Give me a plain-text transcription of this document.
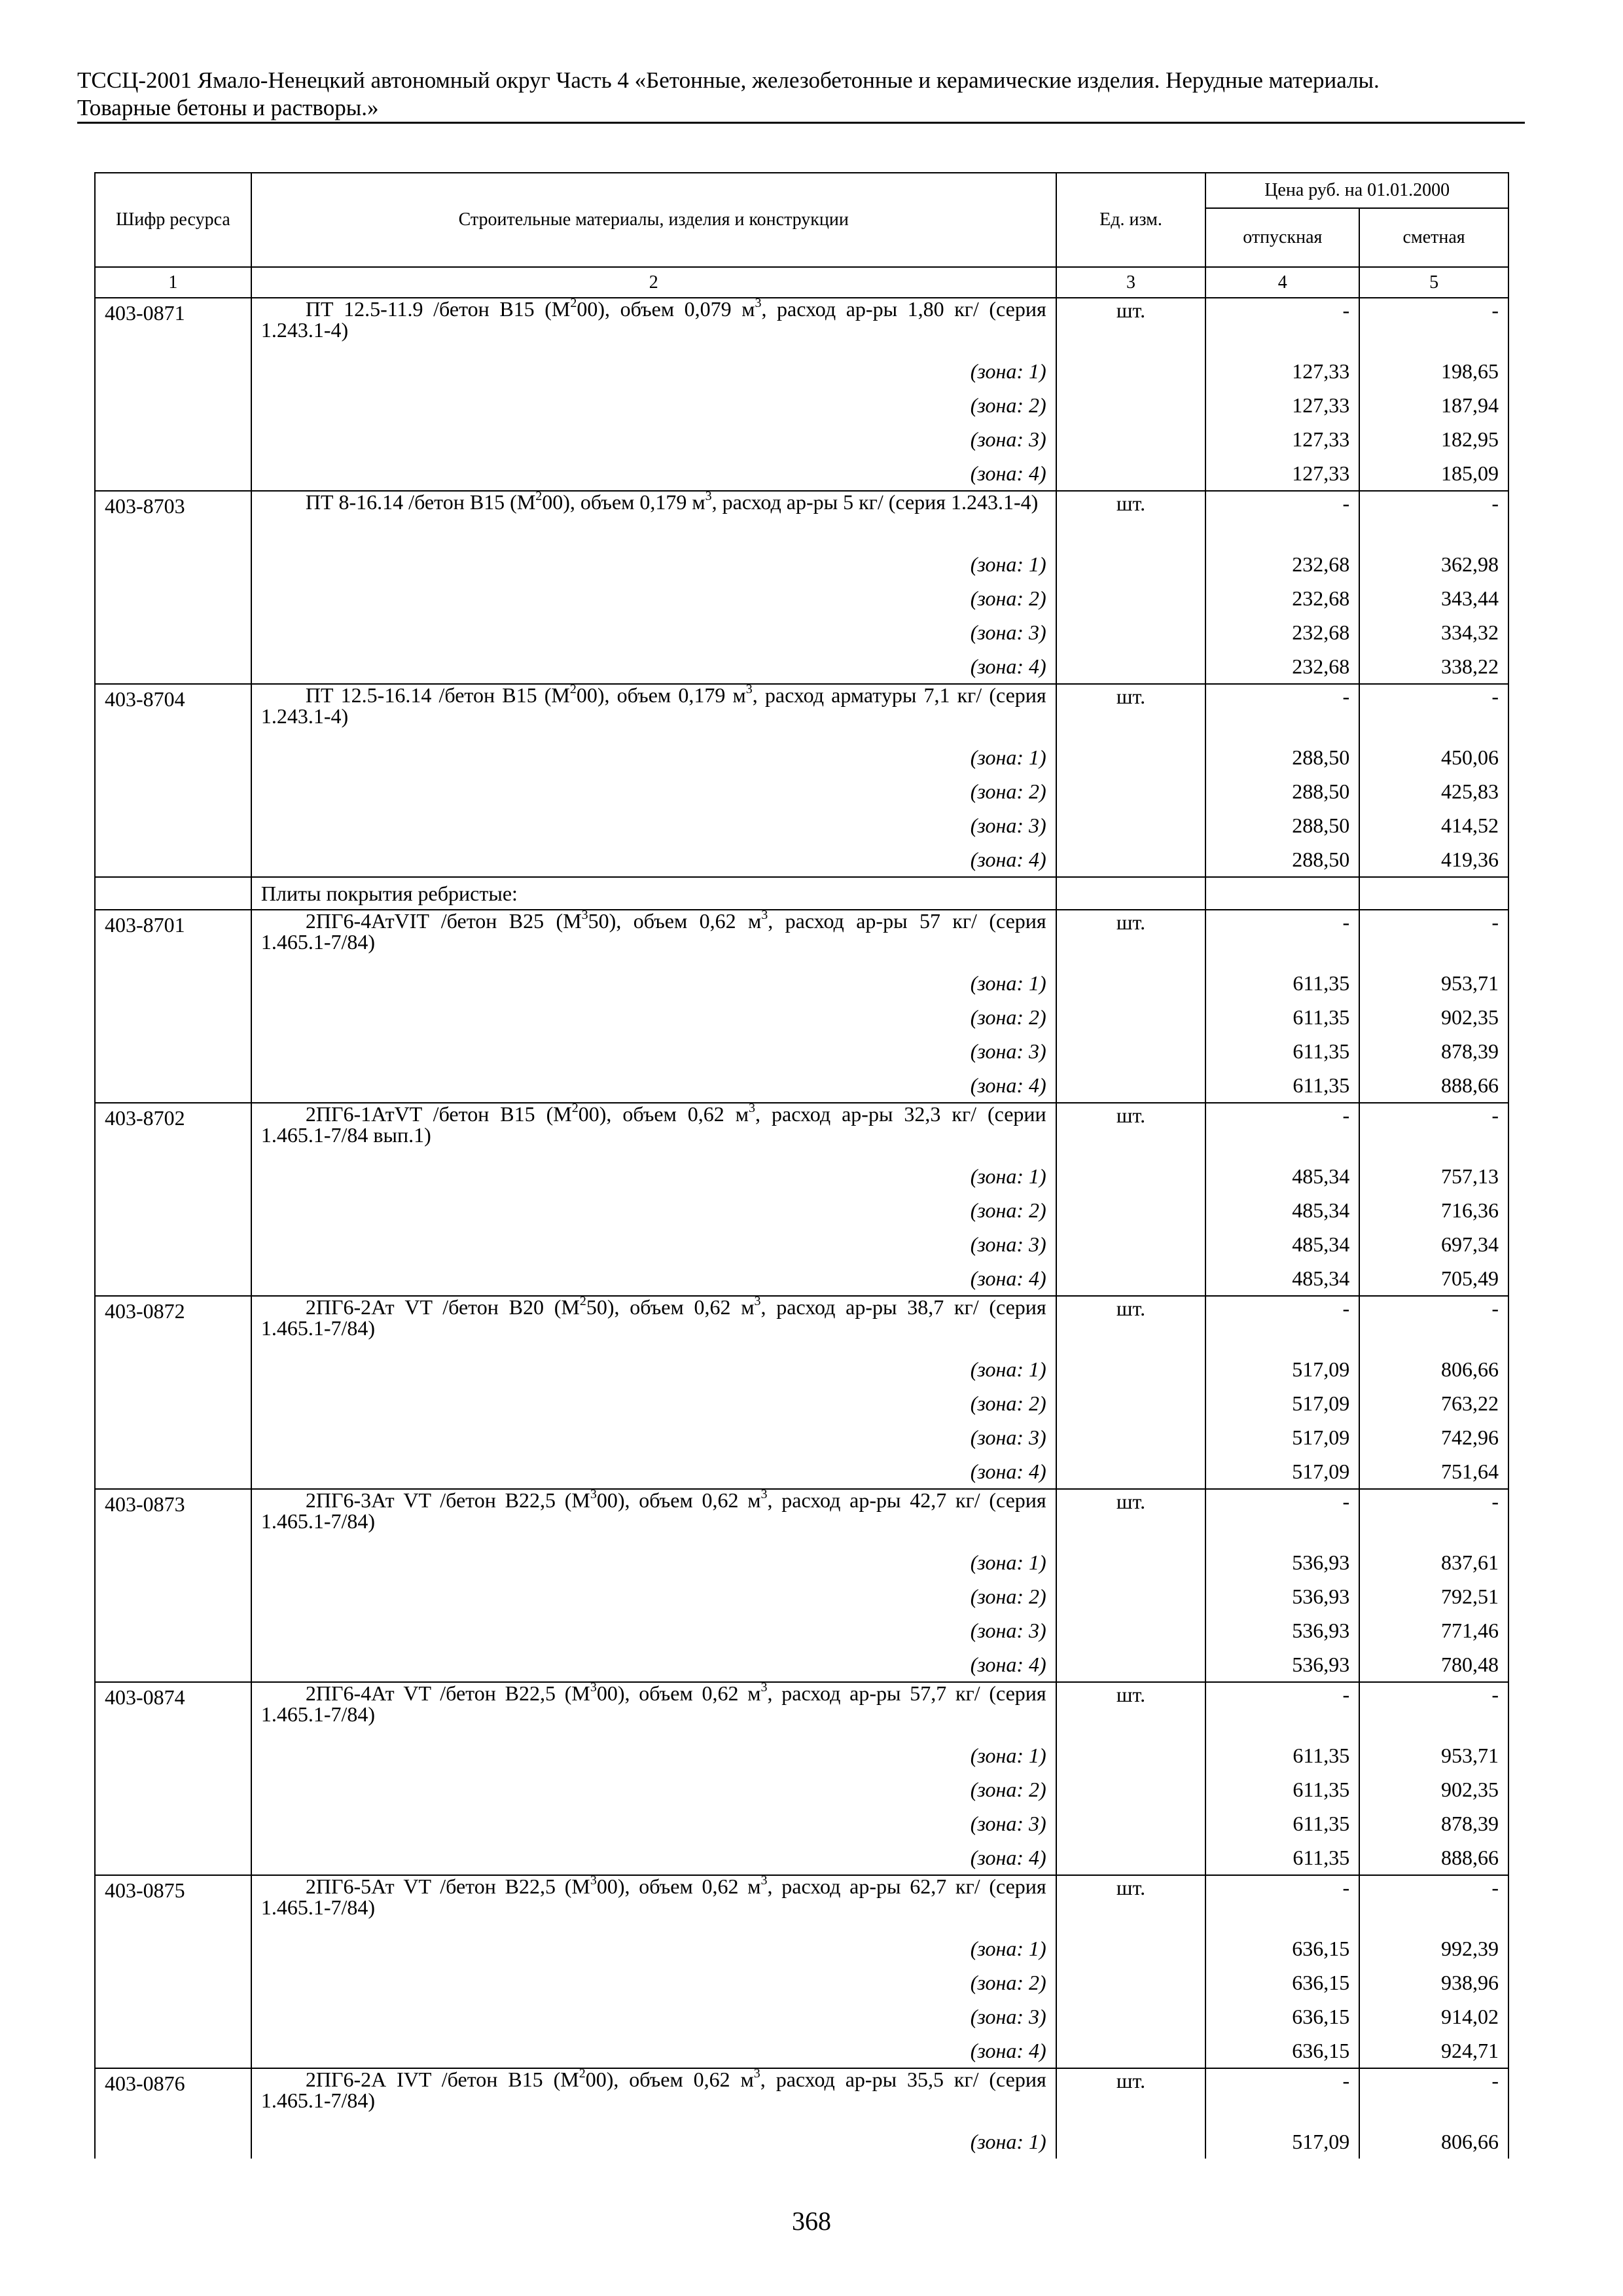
ТССЦ-2001 Ямало-Ненецкий автономный округ Часть 4 «Бетонные, железобетонные и керамические изделия. Нерудные материалы.
Товарные бетоны и растворы.»
Шифр ресурса	Строительные материалы, изделия и конструкции	Ед. изм.	Цена руб. на 01.01.2000	
			отпускная	сметная
1	2	3	4	5
403-0871	ПТ 12.5-11.9 /бетон B15 $(M^200)$, объем 0,079 $м^3$, расход ар-ры 1,80 кг/ (серия 1.243.1-4)	шт.	-	-
	(зона: 1)		127,33	198,65
	(зона: 2)		127,33	187,94
	(зона: 3)		127,33	182,95
	(зона: 4)		127,33	185,09
403-8703	ПТ 8-16.14 /бетон B15 $(M^200)$, объем 0,179 $м^3$, расход ар-ры 5 кг/ (серия 1.243.1-4)	шт.	-	-
	(зона: 1)		232,68	362,98
	(зона: 2)		232,68	343,44
	(зона: 3)		232,68	334,32
	(зона: 4)		232,68	338,22
403-8704	ПТ 12.5-16.14 /бетон B15 $(M^200)$, объем 0,179 $м^3$, расход арматуры 7,1 кг/ (серия 1.243.1-4)	шт.	-	-
	(зона: 1)		288,50	450,06
	(зона: 2)		288,50	425,83
	(зона: 3)		288,50	414,52
	(зона: 4)		288,50	419,36
	Плиты покрытия ребристые:			
403-8701	2ПГ6-4АтVIT /бетон B25 $(M^350)$, объем 0,62 $м^3$, расход ар-ры 57 кг/ (серия 1.465.1-7/84)	шт.	-	-
	(зона: 1)		611,35	953,71
	(зона: 2)		611,35	902,35
	(зона: 3)		611,35	878,39
	(зона: 4)		611,35	888,66
403-8702	2ПГ6-1АтVT /бетон B15 $(M^200)$, объем 0,62 $м^3$, расход ар-ры 32,3 кг/ (серии 1.465.1-7/84 вып.1)	шт.	-	-
	(зона: 1)		485,34	757,13
	(зона: 2)		485,34	716,36
	(зона: 3)		485,34	697,34
	(зона: 4)		485,34	705,49
403-0872	2ПГ6-2Ат VT /бетон B20 $(M^250)$, объем 0,62 $м^3$, расход ар-ры 38,7 кг/ (серия 1.465.1-7/84)	шт.	-	-
	(зона: 1)		517,09	806,66
	(зона: 2)		517,09	763,22
	(зона: 3)		517,09	742,96
	(зона: 4)		517,09	751,64
403-0873	2ПГ6-3Ат VT /бетон B22,5 $(M^300)$, объем 0,62 $м^3$, расход ар-ры 42,7 кг/ (серия 1.465.1-7/84)	шт.	-	-
	(зона: 1)		536,93	837,61
	(зона: 2)		536,93	792,51
	(зона: 3)		536,93	771,46
	(зона: 4)		536,93	780,48
403-0874	2ПГ6-4Ат VT /бетон B22,5 $(M^300)$, объем 0,62 $м^3$, расход ар-ры 57,7 кг/ (серия 1.465.1-7/84)	шт.	-	-
	(зона: 1)		611,35	953,71
	(зона: 2)		611,35	902,35
	(зона: 3)		611,35	878,39
	(зона: 4)		611,35	888,66
403-0875	2ПГ6-5Ат VT /бетон B22,5 $(M^300)$, объем 0,62 $м^3$, расход ар-ры 62,7 кг/ (серия 1.465.1-7/84)	шт.	-	-
	(зона: 1)		636,15	992,39
	(зона: 2)		636,15	938,96
	(зона: 3)		636,15	914,02
	(зона: 4)		636,15	924,71
403-0876	2ПГ6-2А IVT /бетон B15 $(M^200)$, объем 0,62 $м^3$, расход ар-ры 35,5 кг/ (серия 1.465.1-7/84)	шт.	-	-
	(зона: 1)		517,09	806,66
368
